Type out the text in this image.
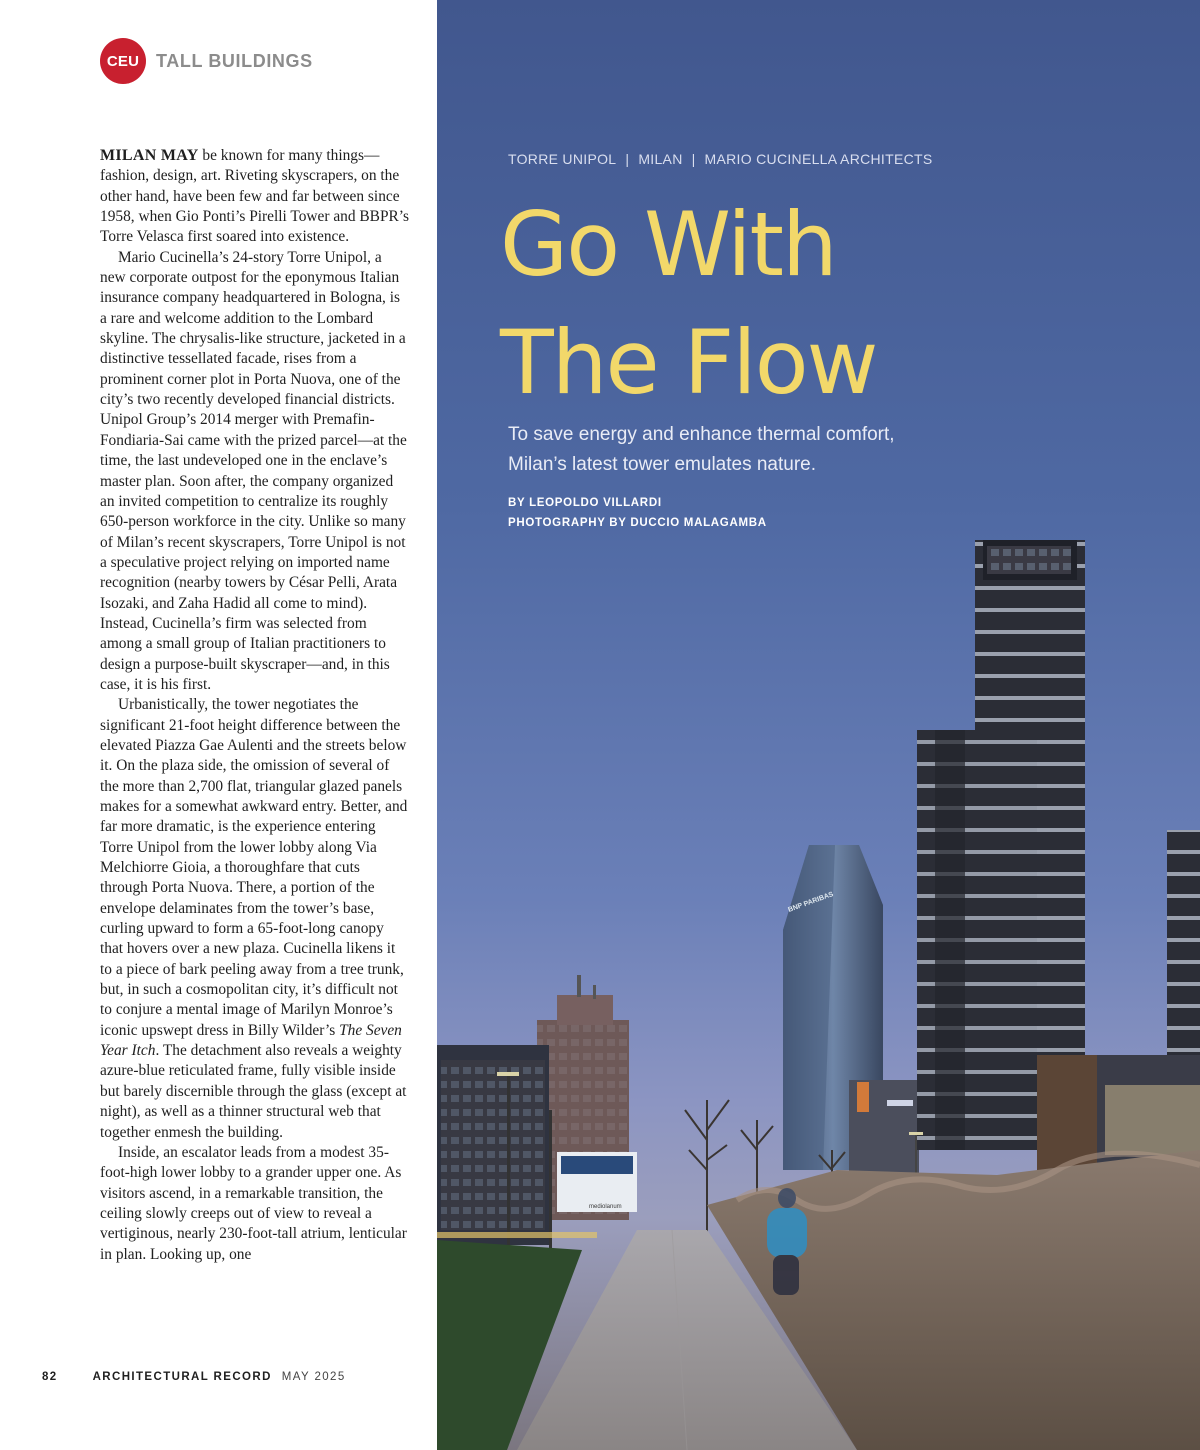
CEU TALL BUILDINGS

MILAN MAY be known for many things—fashion, design, art. Riveting skyscrapers, on the other hand, have been few and far between since 1958, when Gio Ponti’s Pirelli Tower and BBPR’s Torre Velasca first soared into existence.

Mario Cucinella’s 24-story Torre Unipol, a new corporate outpost for the eponymous Italian insurance company headquartered in Bologna, is a rare and welcome addition to the Lombard skyline. The chrysalis-like structure, jacketed in a distinctive tessellated facade, rises from a prominent corner plot in Porta Nuova, one of the city’s two recently developed financial districts. Unipol Group’s 2014 merger with Premafin-Fondiaria-Sai came with the prized parcel—at the time, the last undeveloped one in the enclave’s master plan. Soon after, the company organized an invited competition to centralize its roughly 650-person workforce in the city. Unlike so many of Milan’s recent skyscrapers, Torre Unipol is not a speculative project relying on imported name recognition (nearby towers by César Pelli, Arata Isozaki, and Zaha Hadid all come to mind). Instead, Cucinella’s firm was selected from among a small group of Italian practitioners to design a purpose-built skyscraper—and, in this case, it is his first.

Urbanistically, the tower negotiates the significant 21-foot height difference between the elevated Piazza Gae Aulenti and the streets below it. On the plaza side, the omission of several of the more than 2,700 flat, triangular glazed panels makes for a somewhat awkward entry. Better, and far more dramatic, is the experience entering Torre Unipol from the lower lobby along Via Melchiorre Gioia, a thoroughfare that cuts through Porta Nuova. There, a portion of the envelope delaminates from the tower’s base, curling upward to form a 65-foot-long canopy that hovers over a new plaza. Cucinella likens it to a piece of bark peeling away from a tree trunk, but, in such a cosmopolitan city, it’s difficult not to conjure a mental image of Marilyn Monroe’s iconic upswept dress in Billy Wilder’s The Seven Year Itch. The detachment also reveals a weighty azure-blue reticulated frame, fully visible inside but barely discernible through the glass (except at night), as well as a thinner structural web that together enmesh the building.

Inside, an escalator leads from a modest 35-foot-high lower lobby to a grander upper one. As visitors ascend, in a remarkable transition, the ceiling slowly creeps out of view to reveal a vertiginous, nearly 230-foot-tall atrium, lenticular in plan. Looking up, one

82	ARCHITECTURAL RECORD MAY 2025
BNP PARIBAS
mediolanum
TORRE UNIPOL | MILAN | MARIO CUCINELLA ARCHITECTS
Go With
The Flow
To save energy and enhance thermal comfort, Milan’s latest tower emulates nature.
BY LEOPOLDO VILLARDI
PHOTOGRAPHY BY DUCCIO MALAGAMBA
